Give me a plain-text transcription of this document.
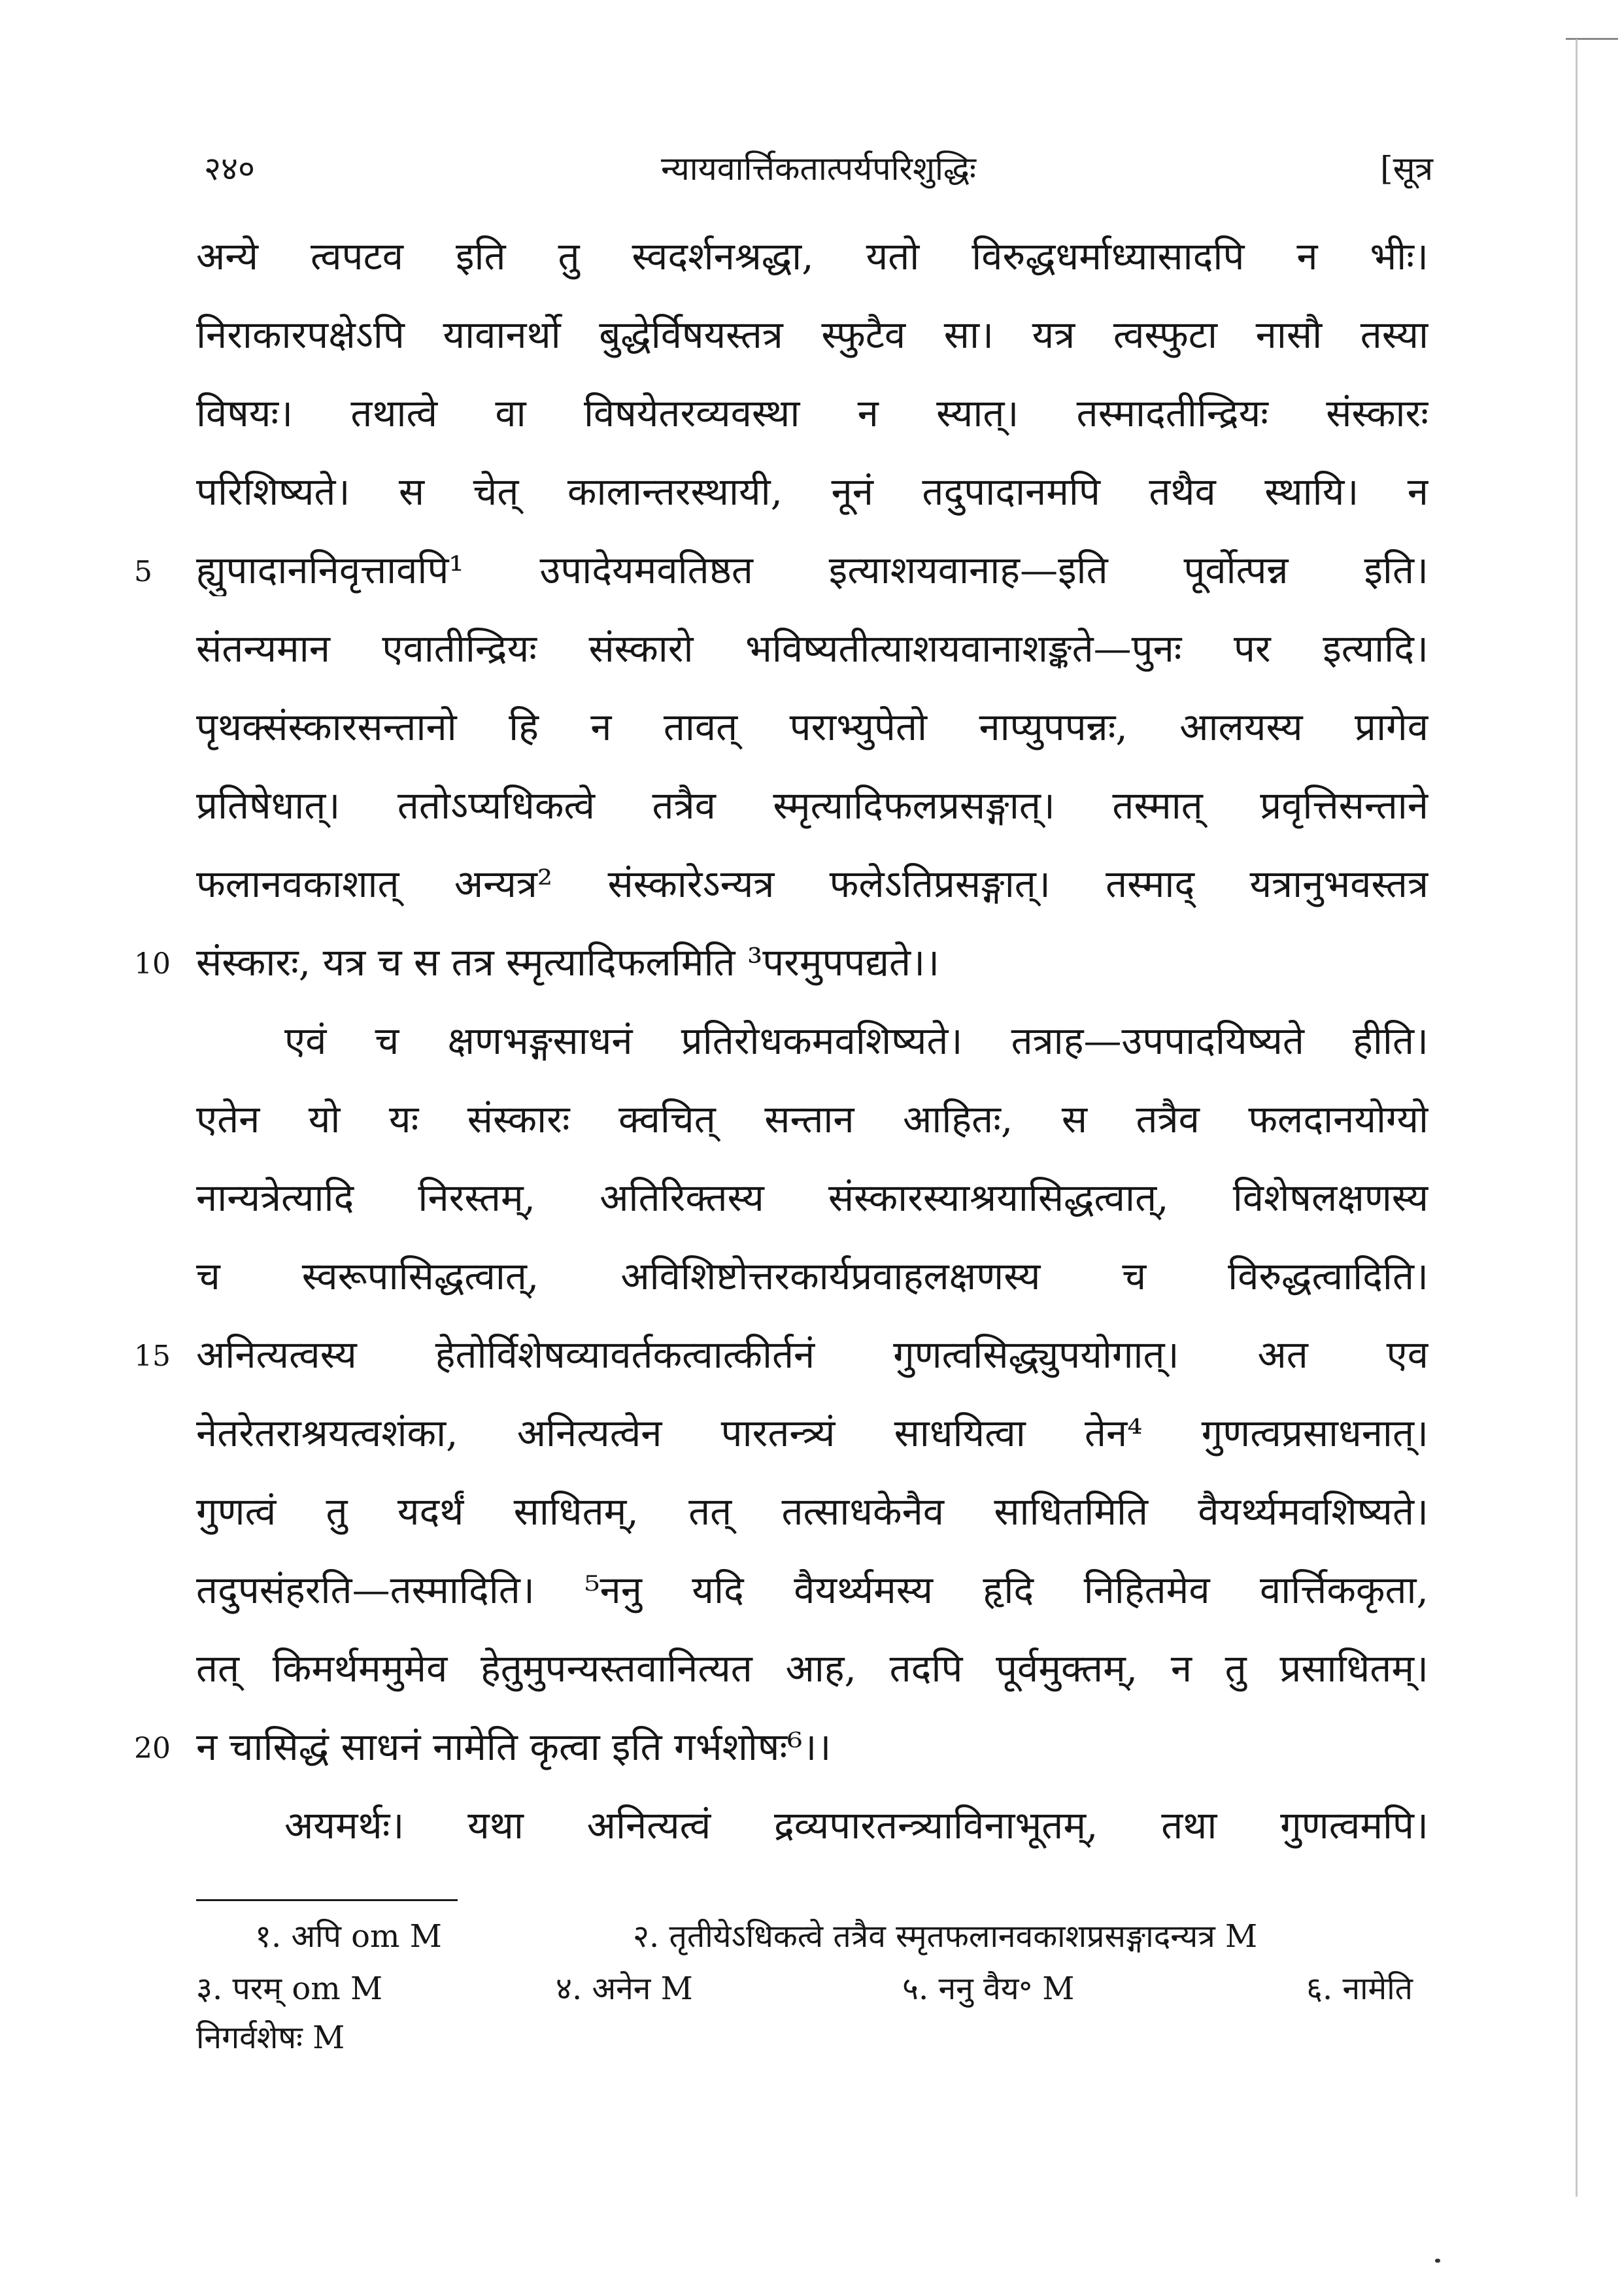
२४०	न्यायवार्त्तिकतात्पर्यपरिशुद्धिः	[सूत्र
अन्ये त्वपटव इति तु स्वदर्शनश्रद्धा, यतो विरुद्धधर्माध्यासादपि न भीः।
निराकारपक्षेऽपि यावानर्थो बुद्धेर्विषयस्तत्र स्फुटैव सा। यत्र त्वस्फुटा नासौ तस्या
विषयः। तथात्वे वा विषयेतरव्यवस्था न स्यात्। तस्मादतीन्द्रियः संस्कारः
परिशिष्यते। स चेत् कालान्तरस्थायी, नूनं तदुपादानमपि तथैव स्थायि। न
ह्युपादाननिवृत्तावपि¹ उपादेयमवतिष्ठत इत्याशयवानाह—इति पूर्वोत्पन्न इति।
5
संतन्यमान एवातीन्द्रियः संस्कारो भविष्यतीत्याशयवानाशङ्कते—पुनः पर इत्यादि।
पृथक्संस्कारसन्तानो हि न तावत् पराभ्युपेतो नाप्युपपन्नः, आलयस्य प्रागेव
प्रतिषेधात्। ततोऽप्यधिकत्वे तत्रैव स्मृत्यादिफलप्रसङ्गात्। तस्मात् प्रवृत्तिसन्ताने
फलानवकाशात् अन्यत्र² संस्कारेऽन्यत्र फलेऽतिप्रसङ्गात्। तस्माद् यत्रानुभवस्तत्र
संस्कारः, यत्र च स तत्र स्मृत्यादिफलमिति ³परमुपपद्यते।।
10
एवं च क्षणभङ्गसाधनं प्रतिरोधकमवशिष्यते। तत्राह—उपपादयिष्यते हीति।
एतेन यो यः संस्कारः क्वचित् सन्तान आहितः, स तत्रैव फलदानयोग्यो
नान्यत्रेत्यादि निरस्तम्, अतिरिक्तस्य संस्कारस्याश्रयासिद्धत्वात्, विशेषलक्षणस्य
च स्वरूपासिद्धत्वात्, अविशिष्टोत्तरकार्यप्रवाहलक्षणस्य च विरुद्धत्वादिति।
अनित्यत्वस्य हेतोर्विशेषव्यावर्तकत्वात्कीर्तनं गुणत्वसिद्ध्युपयोगात्। अत एव
15
नेतरेतराश्रयत्वशंका, अनित्यत्वेन पारतन्त्र्यं साधयित्वा तेन⁴ गुणत्वप्रसाधनात्।
गुणत्वं तु यदर्थं साधितम्, तत् तत्साधकेनैव साधितमिति वैयर्थ्यमवशिष्यते।
तदुपसंहरति—तस्मादिति। ⁵ननु यदि वैयर्थ्यमस्य हृदि निहितमेव वार्त्तिककृता,
तत् किमर्थममुमेव हेतुमुपन्यस्तवानित्यत आह, तदपि पूर्वमुक्तम्, न तु प्रसाधितम्।
न चासिद्धं साधनं नामेति कृत्वा इति गर्भशोषः⁶।।
20
अयमर्थः। यथा अनित्यत्वं द्रव्यपारतन्त्र्याविनाभूतम्, तथा गुणत्वमपि।
१. अपि om M	२. तृतीयेऽधिकत्वे तत्रैव स्मृतफलानवकाशप्रसङ्गादन्यत्र M
३. परम् om M	४. अनेन M	५. ननु वैय॰ M	६. नामेति
निगर्वशेषः M
